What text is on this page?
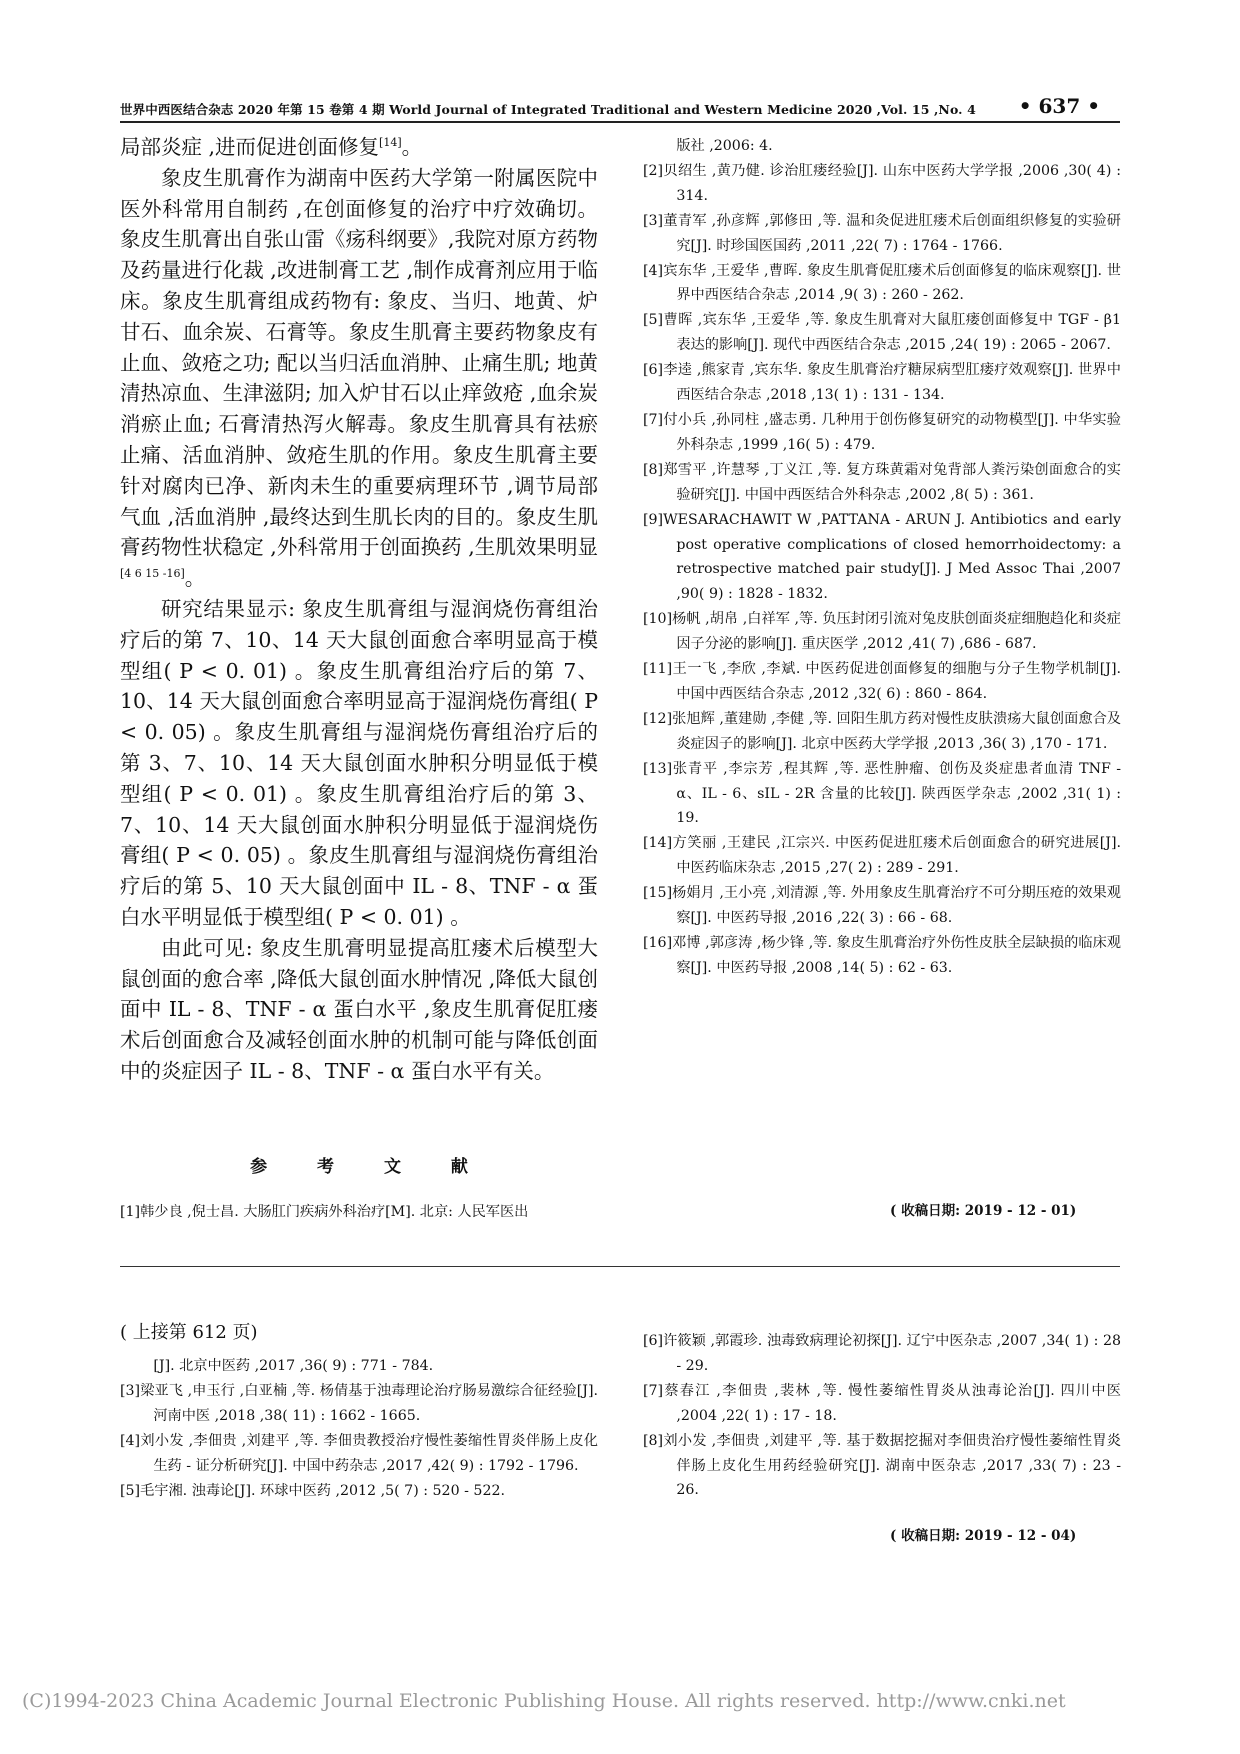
世界中西医结合杂志 2020 年第 15 卷第 4 期 World Journal of Integrated Traditional and Western Medicine 2020 ,Vol. 15 ,No. 4 • 637 •

局部炎症 ,进而促进创面修复[14]。

象皮生肌膏作为湖南中医药大学第一附属医院中医外科常用自制药 ,在创面修复的治疗中疗效确切。象皮生肌膏出自张山雷《疡科纲要》,我院对原方药物及药量进行化裁 ,改进制膏工艺 ,制作成膏剂应用于临床。象皮生肌膏组成药物有: 象皮、当归、地黄、炉甘石、血余炭、石膏等。象皮生肌膏主要药物象皮有止血、敛疮之功; 配以当归活血消肿、止痛生肌; 地黄清热凉血、生津滋阴; 加入炉甘石以止痒敛疮 ,血余炭消瘀止血; 石膏清热泻火解毒。象皮生肌膏具有祛瘀止痛、活血消肿、敛疮生肌的作用。象皮生肌膏主要针对腐肉已净、新肉未生的重要病理环节 ,调节局部气血 ,活血消肿 ,最终达到生肌长肉的目的。象皮生肌膏药物性状稳定 ,外科常用于创面换药 ,生肌效果明显[4 6 15 -16]。

研究结果显示: 象皮生肌膏组与湿润烧伤膏组治疗后的第 7、10、14 天大鼠创面愈合率明显高于模型组( P < 0. 01) 。象皮生肌膏组治疗后的第 7、10、14 天大鼠创面愈合率明显高于湿润烧伤膏组( P < 0. 05) 。象皮生肌膏组与湿润烧伤膏组治疗后的第 3、7、10、14 天大鼠创面水肿积分明显低于模型组( P < 0. 01) 。象皮生肌膏组治疗后的第 3、7、10、14 天大鼠创面水肿积分明显低于湿润烧伤膏组( P < 0. 05) 。象皮生肌膏组与湿润烧伤膏组治疗后的第 5、10 天大鼠创面中 IL - 8、TNF - α 蛋白水平明显低于模型组( P < 0. 01) 。

由此可见: 象皮生肌膏明显提高肛瘘术后模型大鼠创面的愈合率 ,降低大鼠创面水肿情况 ,降低大鼠创面中 IL - 8、TNF - α 蛋白水平 ,象皮生肌膏促肛瘘术后创面愈合及减轻创面水肿的机制可能与降低创面中的炎症因子 IL - 8、TNF - α 蛋白水平有关。

参 考 文 献
[1]韩少良 ,倪士昌. 大肠肛门疾病外科治疗[M]. 北京: 人民军医出
版社 ,2006: 4.
[2]贝绍生 ,黄乃健. 诊治肛瘘经验[J]. 山东中医药大学学报 ,2006 ,30( 4) : 314.
[3]董青军 ,孙彦辉 ,郭修田 ,等. 温和灸促进肛瘘术后创面组织修复的实验研究[J]. 时珍国医国药 ,2011 ,22( 7) : 1764 - 1766.
[4]宾东华 ,王爱华 ,曹晖. 象皮生肌膏促肛瘘术后创面修复的临床观察[J]. 世界中西医结合杂志 ,2014 ,9( 3) : 260 - 262.
[5]曹晖 ,宾东华 ,王爱华 ,等. 象皮生肌膏对大鼠肛瘘创面修复中 TGF - β1 表达的影响[J]. 现代中西医结合杂志 ,2015 ,24( 19) : 2065 - 2067.
[6]李逵 ,熊家青 ,宾东华. 象皮生肌膏治疗糖尿病型肛瘘疗效观察[J]. 世界中西医结合杂志 ,2018 ,13( 1) : 131 - 134.
[7]付小兵 ,孙同柱 ,盛志勇. 几种用于创伤修复研究的动物模型[J]. 中华实验外科杂志 ,1999 ,16( 5) : 479.
[8]郑雪平 ,许慧琴 ,丁义江 ,等. 复方珠黄霜对兔背部人粪污染创面愈合的实验研究[J]. 中国中西医结合外科杂志 ,2002 ,8( 5) : 361.
[9]WESARACHAWIT W ,PATTANA - ARUN J. Antibiotics and early post operative complications of closed hemorrhoidectomy: a retrospective matched pair study[J]. J Med Assoc Thai ,2007 ,90( 9) : 1828 - 1832.
[10]杨帆 ,胡帛 ,白祥军 ,等. 负压封闭引流对兔皮肤创面炎症细胞趋化和炎症因子分泌的影响[J]. 重庆医学 ,2012 ,41( 7) ,686 - 687.
[11]王一飞 ,李欣 ,李斌. 中医药促进创面修复的细胞与分子生物学机制[J]. 中国中西医结合杂志 ,2012 ,32( 6) : 860 - 864.
[12]张旭辉 ,董建勋 ,李健 ,等. 回阳生肌方药对慢性皮肤溃疡大鼠创面愈合及炎症因子的影响[J]. 北京中医药大学学报 ,2013 ,36( 3) ,170 - 171.
[13]张青平 ,李宗芳 ,程其辉 ,等. 恶性肿瘤、创伤及炎症患者血清 TNF - α、IL - 6、sIL - 2R 含量的比较[J]. 陕西医学杂志 ,2002 ,31( 1) : 19.
[14]方笑丽 ,王建民 ,江宗兴. 中医药促进肛瘘术后创面愈合的研究进展[J]. 中医药临床杂志 ,2015 ,27( 2) : 289 - 291.
[15]杨娟月 ,王小亮 ,刘清源 ,等. 外用象皮生肌膏治疗不可分期压疮的效果观察[J]. 中医药导报 ,2016 ,22( 3) : 66 - 68.
[16]邓博 ,郭彦涛 ,杨少锋 ,等. 象皮生肌膏治疗外伤性皮肤全层缺损的临床观察[J]. 中医药导报 ,2008 ,14( 5) : 62 - 63.
( 收稿日期: 2019 - 12 - 01)
( 上接第 612 页)
[J]. 北京中医药 ,2017 ,36( 9) : 771 - 784.
[3]梁亚飞 ,申玉行 ,白亚楠 ,等. 杨倩基于浊毒理论治疗肠易激综合征经验[J]. 河南中医 ,2018 ,38( 11) : 1662 - 1665.
[4]刘小发 ,李佃贵 ,刘建平 ,等. 李佃贵教授治疗慢性萎缩性胃炎伴肠上皮化生药 - 证分析研究[J]. 中国中药杂志 ,2017 ,42( 9) : 1792 - 1796.
[5]毛宇湘. 浊毒论[J]. 环球中医药 ,2012 ,5( 7) : 520 - 522.
[6]许筱颖 ,郭霞珍. 浊毒致病理论初探[J]. 辽宁中医杂志 ,2007 ,34( 1) : 28 - 29.
[7]蔡春江 ,李佃贵 ,裴林 ,等. 慢性萎缩性胃炎从浊毒论治[J]. 四川中医 ,2004 ,22( 1) : 17 - 18.
[8]刘小发 ,李佃贵 ,刘建平 ,等. 基于数据挖掘对李佃贵治疗慢性萎缩性胃炎伴肠上皮化生用药经验研究[J]. 湖南中医杂志 ,2017 ,33( 7) : 23 - 26.
( 收稿日期: 2019 - 12 - 04)
(C)1994-2023 China Academic Journal Electronic Publishing House. All rights reserved. http://www.cnki.net
